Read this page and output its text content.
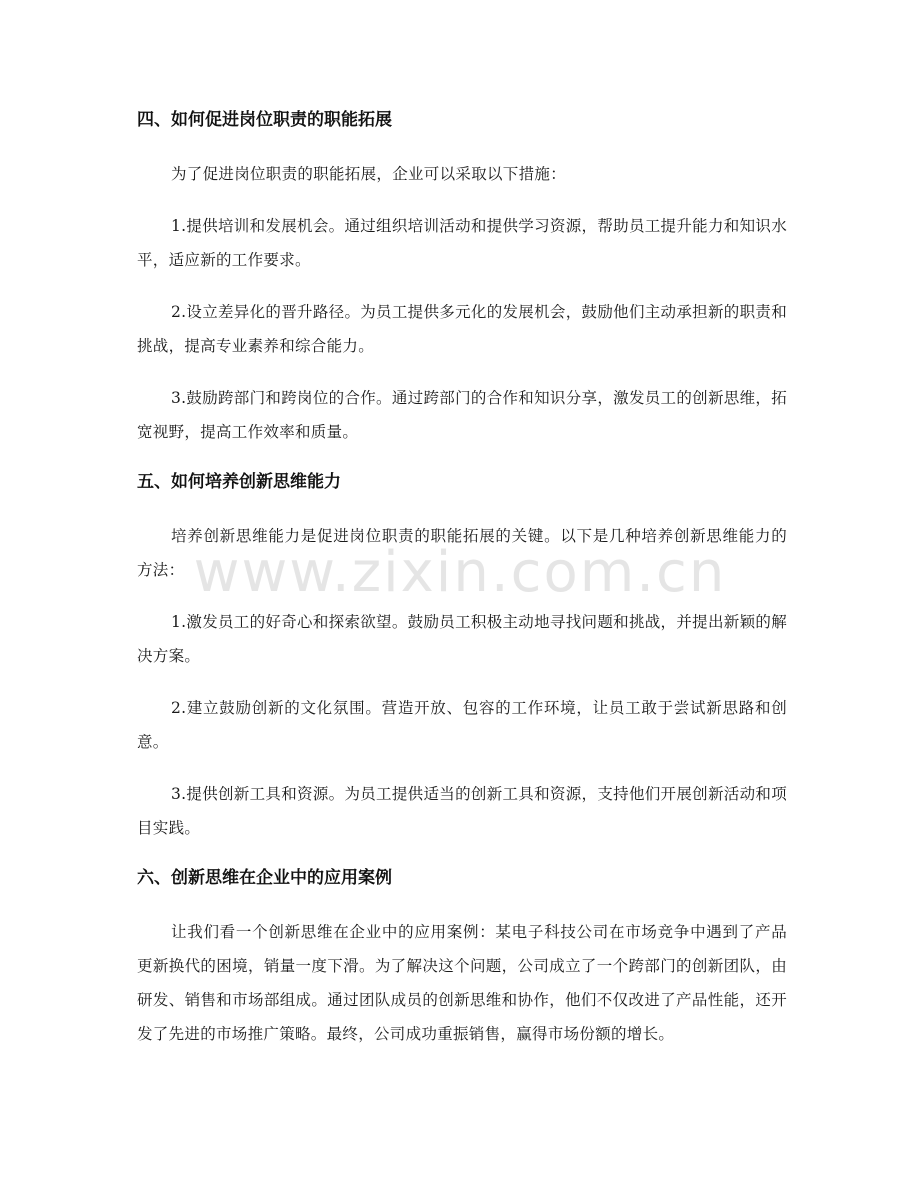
四、如何促进岗位职责的职能拓展

为了促进岗位职责的职能拓展，企业可以采取以下措施：

1.提供培训和发展机会。通过组织培训活动和提供学习资源，帮助员工提升能力和知识水平，适应新的工作要求。

2.设立差异化的晋升路径。为员工提供多元化的发展机会，鼓励他们主动承担新的职责和挑战，提高专业素养和综合能力。

3.鼓励跨部门和跨岗位的合作。通过跨部门的合作和知识分享，激发员工的创新思维，拓宽视野，提高工作效率和质量。

五、如何培养创新思维能力

培养创新思维能力是促进岗位职责的职能拓展的关键。以下是几种培养创新思维能力的方法：

1.激发员工的好奇心和探索欲望。鼓励员工积极主动地寻找问题和挑战，并提出新颖的解决方案。

2.建立鼓励创新的文化氛围。营造开放、包容的工作环境，让员工敢于尝试新思路和创意。

3.提供创新工具和资源。为员工提供适当的创新工具和资源，支持他们开展创新活动和项目实践。

六、创新思维在企业中的应用案例

让我们看一个创新思维在企业中的应用案例：某电子科技公司在市场竞争中遇到了产品更新换代的困境，销量一度下滑。为了解决这个问题，公司成立了一个跨部门的创新团队，由研发、销售和市场部组成。通过团队成员的创新思维和协作，他们不仅改进了产品性能，还开发了先进的市场推广策略。最终，公司成功重振销售，赢得市场份额的增长。

www.zixin.com.cn
